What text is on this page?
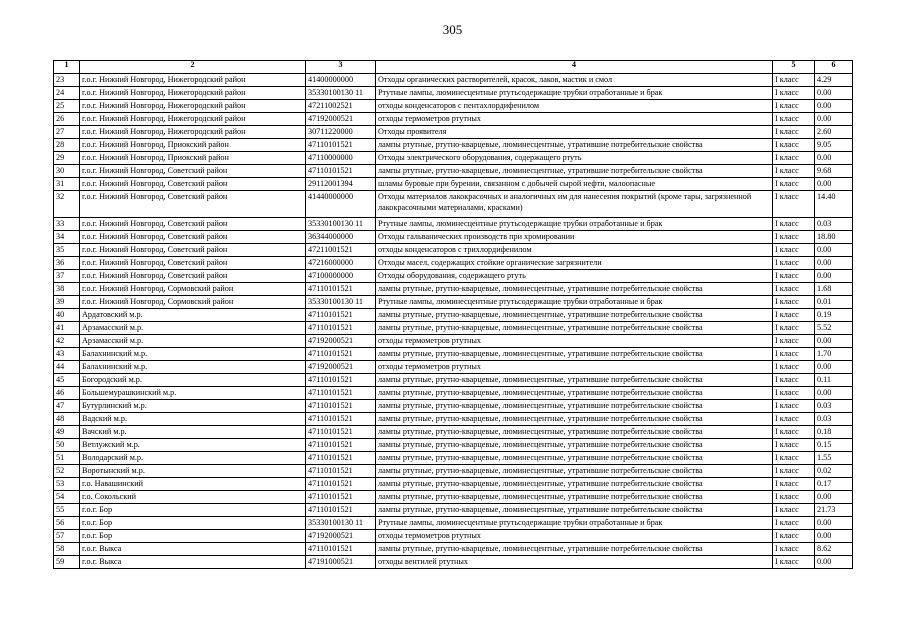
305
1	2	3	4	5	6
23	г.о.г. Нижний Новгород, Нижегородский район	41400000000	Отходы органических растворителей, красок, лаков, мастик и смол	I класс	4.29
24	г.о.г. Нижний Новгород, Нижегородский район	35330100130 11	Ртутные лампы, люминесцентные ртутьсодержащие трубки отработанные и брак	I класс	0.00
25	г.о.г. Нижний Новгород, Нижегородский район	47211002521	отходы конденсаторов с пентахлордифенилом	I класс	0.00
26	г.о.г. Нижний Новгород, Нижегородский район	47192000521	отходы термометров ртутных	I класс	0.00
27	г.о.г. Нижний Новгород, Нижегородский район	30711220000	Отходы проявителя	I класс	2.60
28	г.о.г. Нижний Новгород, Приокский район	47110101521	лампы ртутные, ртутно-кварцевые, люминесцентные, утратившие потребительские свойства	I класс	9.05
29	г.о.г. Нижний Новгород, Приокский район	47110000000	Отходы электрического оборудования, содержащего ртуть	I класс	0.00
30	г.о.г. Нижний Новгород, Советский район	47110101521	лампы ртутные, ртутно-кварцевые, люминесцентные, утратившие потребительские свойства	I класс	9.68
31	г.о.г. Нижний Новгород, Советский район	29112001394	шламы буровые при бурении, связанном с добычей сырой нефти, малоопасные	I класс	0.00
32	г.о.г. Нижний Новгород, Советский район	41440000000	Отходы материалов лакокрасочных и аналогичных им для нанесения покрытий (кроме тары, загрязненной лакокрасочными материалами, красками)	I класс	14.40
33	г.о.г. Нижний Новгород, Советский район	35330100130 11	Ртутные лампы, люминесцентные ртутьсодержащие трубки отработанные и брак	I класс	0.03
34	г.о.г. Нижний Новгород, Советский район	36344000000	Отходы гальванических производств при хромировании	I класс	18.80
35	г.о.г. Нижний Новгород, Советский район	47211001521	отходы конденсаторов с трихлордифенилом	I класс	0.00
36	г.о.г. Нижний Новгород, Советский район	47216000000	Отходы масел, содержащих стойкие органические загрязнители	I класс	0.00
37	г.о.г. Нижний Новгород, Советский район	47100000000	Отходы оборудования, содержащего ртуть	I класс	0.00
38	г.о.г. Нижний Новгород, Сормовский район	47110101521	лампы ртутные, ртутно-кварцевые, люминесцентные, утратившие потребительские свойства	I класс	1.68
39	г.о.г. Нижний Новгород, Сормовский район	35330100130 11	Ртутные лампы, люминесцентные ртутьсодержащие трубки отработанные и брак	I класс	0.01
40	Ардатовский м.р.	47110101521	лампы ртутные, ртутно-кварцевые, люминесцентные, утратившие потребительские свойства	I класс	0.19
41	Арзамасский м.р.	47110101521	лампы ртутные, ртутно-кварцевые, люминесцентные, утратившие потребительские свойства	I класс	5.52
42	Арзамасский м.р.	47192000521	отходы термометров ртутных	I класс	0.00
43	Балахнинский м.р.	47110101521	лампы ртутные, ртутно-кварцевые, люминесцентные, утратившие потребительские свойства	I класс	1.70
44	Балахнинский м.р.	47192000521	отходы термометров ртутных	I класс	0.00
45	Богородский м.р.	47110101521	лампы ртутные, ртутно-кварцевые, люминесцентные, утратившие потребительские свойства	I класс	0.11
46	Большемурашкинский м.р.	47110101521	лампы ртутные, ртутно-кварцевые, люминесцентные, утратившие потребительские свойства	I класс	0.00
47	Бутурлинский м.р.	47110101521	лампы ртутные, ртутно-кварцевые, люминесцентные, утратившие потребительские свойства	I класс	0.03
48	Вадский м.р.	47110101521	лампы ртутные, ртутно-кварцевые, люминесцентные, утратившие потребительские свойства	I класс	0.03
49	Вачский м.р.	47110101521	лампы ртутные, ртутно-кварцевые, люминесцентные, утратившие потребительские свойства	I класс	0.18
50	Ветлужский м.р.	47110101521	лампы ртутные, ртутно-кварцевые, люминесцентные, утратившие потребительские свойства	I класс	0.15
51	Володарский м.р.	47110101521	лампы ртутные, ртутно-кварцевые, люминесцентные, утратившие потребительские свойства	I класс	1.55
52	Воротынский м.р.	47110101521	лампы ртутные, ртутно-кварцевые, люминесцентные, утратившие потребительские свойства	I класс	0.02
53	г.о. Навашинский	47110101521	лампы ртутные, ртутно-кварцевые, люминесцентные, утратившие потребительские свойства	I класс	0.17
54	г.о. Сокольский	47110101521	лампы ртутные, ртутно-кварцевые, люминесцентные, утратившие потребительские свойства	I класс	0.00
55	г.о.г. Бор	47110101521	лампы ртутные, ртутно-кварцевые, люминесцентные, утратившие потребительские свойства	I класс	21.73
56	г.о.г. Бор	35330100130 11	Ртутные лампы, люминесцентные ртутьсодержащие трубки отработанные и брак	I класс	0.00
57	г.о.г. Бор	47192000521	отходы термометров ртутных	I класс	0.00
58	г.о.г. Выкса	47110101521	лампы ртутные, ртутно-кварцевые, люминесцентные, утратившие потребительские свойства	I класс	8.62
59	г.о.г. Выкса	47191000521	отходы вентилей ртутных	I класс	0.00
